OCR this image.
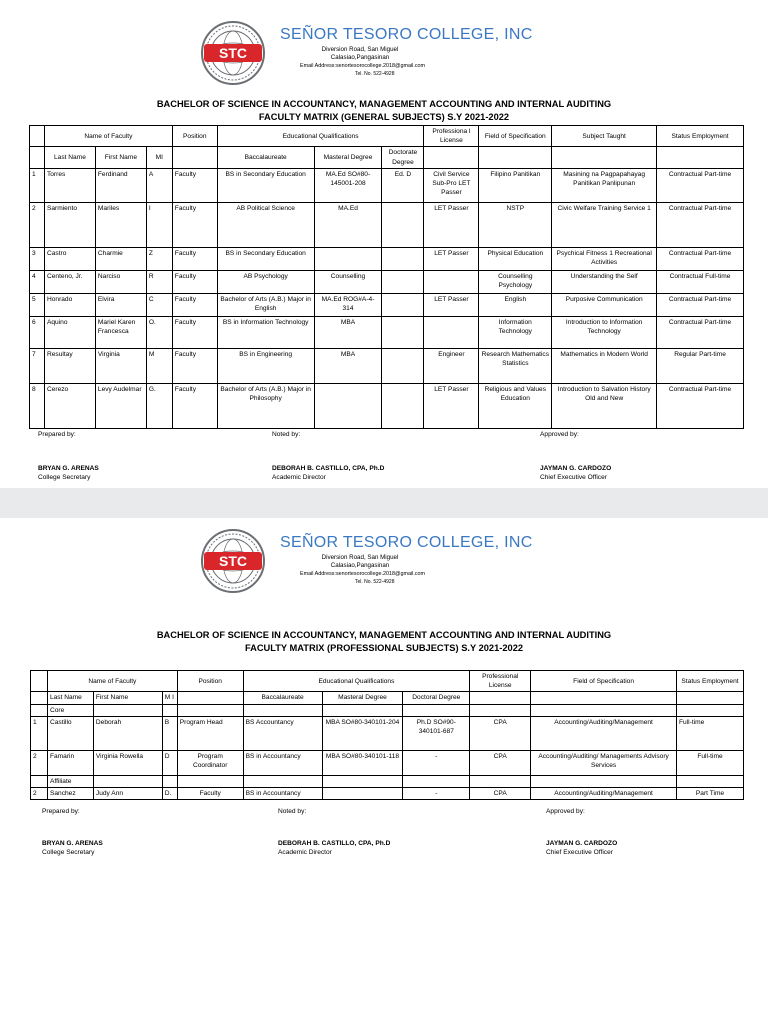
STC
SEÑOR TESORO COLLEGE, INC
Diversion Road, San Miguel
Calasiao,Pangasinan
Email Address:senortesorocollege.2018@gmail.com
Tel. No. 522-4928
BACHELOR OF SCIENCE IN ACCOUNTANCY, MANAGEMENT ACCOUNTING AND INTERNAL AUDITING
FACULTY MATRIX (GENERAL SUBJECTS) S.Y 2021-2022
	Name of Faculty			Position	Educational Qualifications			Professiona l License	Field of Specification	Subject Taught	Status Employment
	Last Name	First Name	MI		Baccalaureate	Masteral Degree	Doctorate Degree				
1	Torres	Ferdinand	A	Faculty	BS in Secondary Education	MA.Ed SO#80-145001-208	Ed. D	Civil Service Sub-Pro LET Passer	Filipino Panitikan	Masining na Pagpapahayag Panitikan Panlipunan	Contractual Part-time
2	Sarmiento	Mariles	I	Faculty	AB Political Science	MA.Ed		LET Passer	NSTP	Civic Welfare Training Service 1	Contractual Part-time
3	Castro	Charmie	Z	Faculty	BS in Secondary Education			LET Passer	Physical Education	Psychical Fitness 1 Recreational Activities	Contractual Part-time
4	Centeno, Jr.	Narciso	R	Faculty	AB Psychology	Counselling			Counselling Psychology	Understanding the Self	Contractual Full-time
5	Honrado	Elvira	C	Faculty	Bachelor of Arts (A.B.) Major in English	MA.Ed ROG#A-4-314		LET Passer	English	Purposive Communication	Contractual Part-time
6	Aquino	Mariel Karen Francesca	O.	Faculty	BS in Information Technology	MBA			Information Technology	Introduction to Information Technology	Contractual Part-time
7	Resultay	Virginia	M	Faculty	BS in Engineering	MBA		Engineer	Research Mathematics Statistics	Mathematics in Modern World	Regular Part-time
8	Cerezo	Levy Audelmar	G.	Faculty	Bachelor of Arts (A.B.) Major in Philosophy			LET Passer	Religious and Values Education	Introduction to Salvation History Old and New	Contractual Part-time
Prepared by:	Noted by:	Approved by:
BRYAN G. ARENAS
College Secretary
DEBORAH B. CASTILLO, CPA, Ph.D
Academic Director
JAYMAN G. CARDOZO
Chief Executive Officer
STC
SEÑOR TESORO COLLEGE, INC
Diversion Road, San Miguel
Calasiao,Pangasinan
Email Address:senortesorocollege.2018@gmail.com
Tel. No. 522-4928
BACHELOR OF SCIENCE IN ACCOUNTANCY, MANAGEMENT ACCOUNTING AND INTERNAL AUDITING
FACULTY MATRIX (PROFESSIONAL SUBJECTS) S.Y 2021-2022
	Name of Faculty			Position	Educational Qualifications			Professional License	Field of Specification	Status Employment
	Last Name	First Name	M I		Baccalaureate	Masteral Degree	Doctoral Degree			
	Core									
1	Castillo	Deborah	B	Program Head	BS Accountancy	MBA SO#80-340101-204	Ph.D SO#90-340101-687	CPA	Accounting/Auditing/Management	Full-time
2	Famarin	Virginia Rowella	D	Program Coordinator	BS in Accountancy	MBA SO#80-340101-118	-	CPA	Accounting/Auditing/ Managements Advisory Services	Full-time
	Affiliate									
2	Sanchez	Judy Ann	D.	Faculty	BS in Accountancy		-	CPA	Accounting/Auditing/Management	Part Time
Prepared by:	Noted by:	Approved by:
BRYAN G. ARENAS
College Secretary
DEBORAH B. CASTILLO, CPA, Ph.D
Academic Director
JAYMAN G. CARDOZO
Chief Executive Officer
